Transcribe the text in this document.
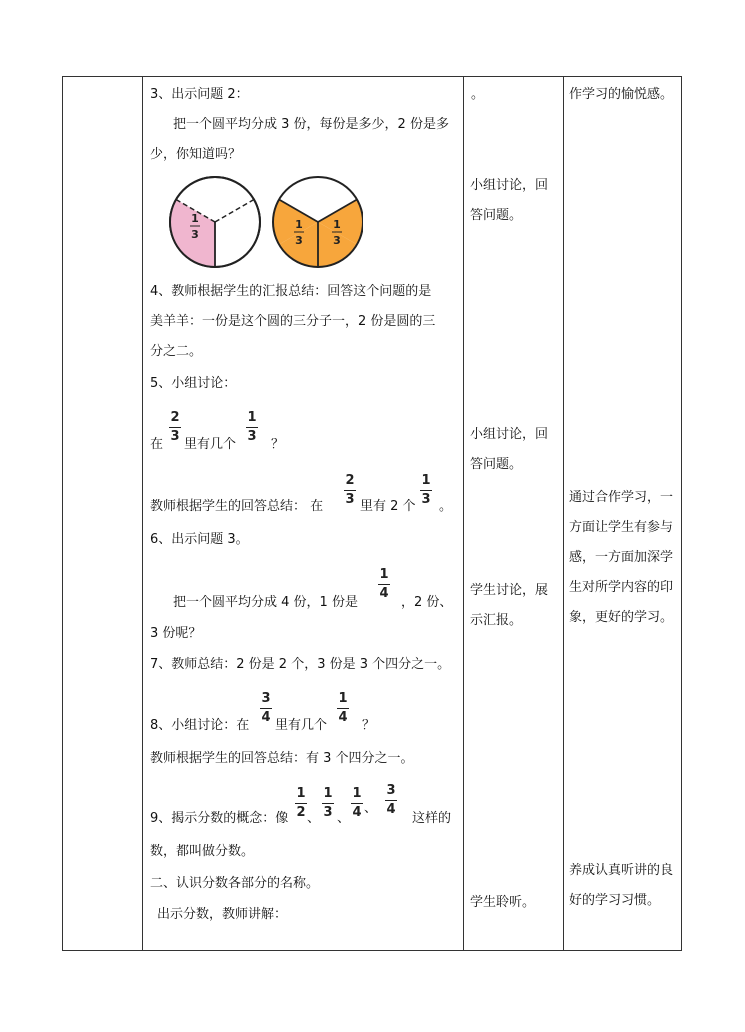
3、出示问题 2：
把一个圆平均分成 3 份，每份是多少，2 份是多
少，你知道吗？
1
3
1
3
1
3
4、教师根据学生的汇报总结：回答这个问题的是
美羊羊：一份是这个圆的三分子一，2 份是圆的三
分之二。
5、小组讨论：
在
2
3
里有几个
1
3
？
教师根据学生的回答总结： 在
2
3 里有 2 个
1
3 。
6、出示问题 3。
把一个圆平均分成 4 份，1 份是
1
4
，2 份、
3 份呢？
7、教师总结：2 份是 2 个，3 份是 3 个四分之一。
8、小组讨论：在
3
4
里有几个
1
4
？
教师根据学生的回答总结：有 3 个四分之一。
9、揭示分数的概念：像
1
2 、
1
3 、
1
4 、
3
4
这样的
数，都叫做分数。
二、认识分数各部分的名称。
出示分数，教师讲解：
。
小组讨论，回答问题。
小组讨论，回答问题。
学生讨论，展示汇报。
学生聆听。
作学习的愉悦感。
通过合作学习，一方面让学生有参与感，一方面加深学生对所学内容的印象，更好的学习。
养成认真听讲的良好的学习习惯。
